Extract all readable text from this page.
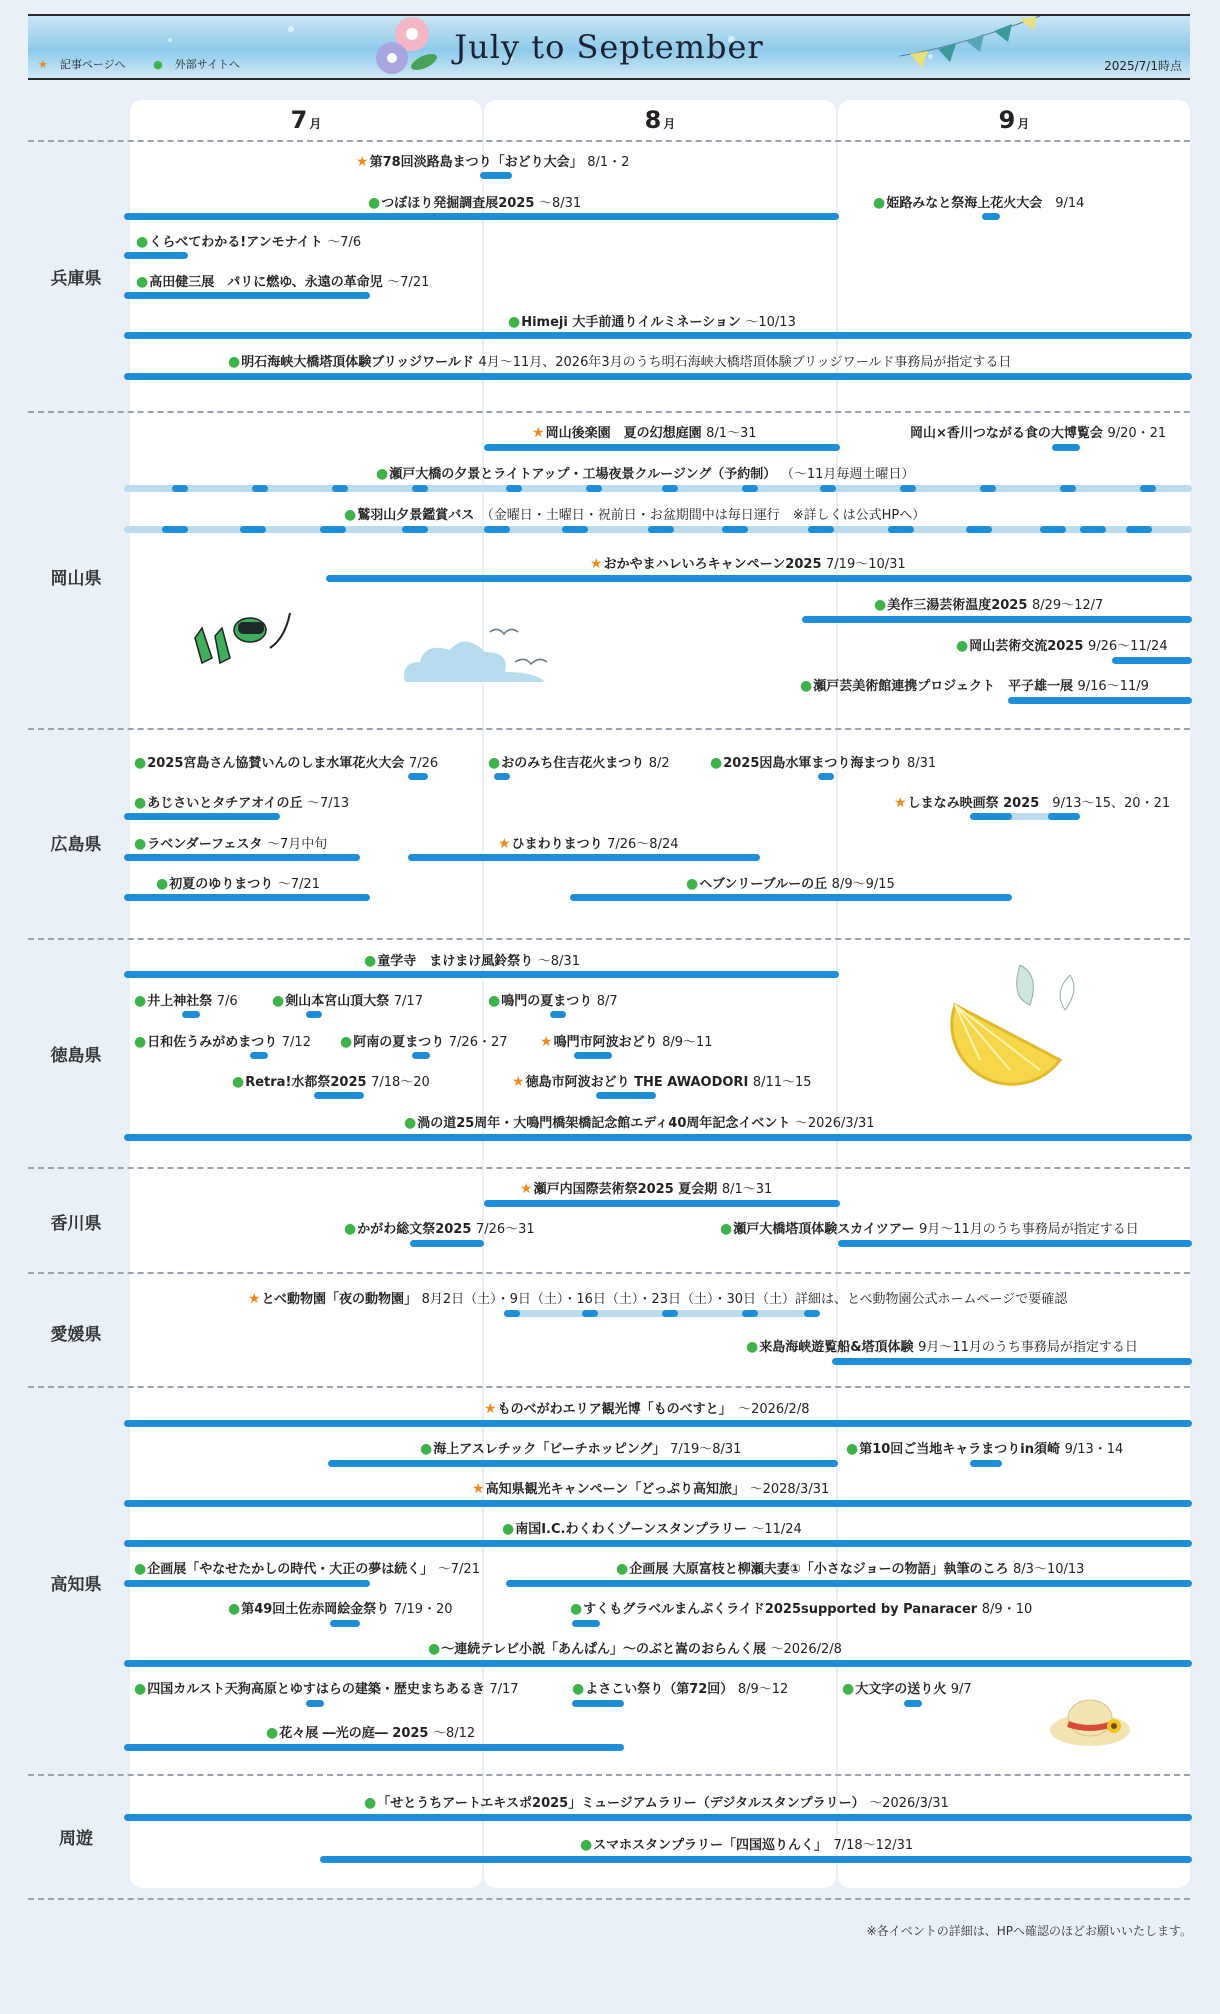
July to September
★ 記事ページへ	● 外部サイトへ	2025/7/1時点
7 月	8 月	9 月
兵庫県
岡山県
広島県
徳島県
香川県
愛媛県
高知県
周遊
★第78回淡路島まつり「おどり大会」 8/1・2
●つぼほり発掘調査展2025 ～8/31	●姫路みなと祭海上花火大会　 9/14
●くらべてわかる!アンモナイト ～7/6
●高田健三展　パリに燃ゆ、永遠の革命児 ～7/21
●Himeji 大手前通りイルミネーション ～10/13
●明石海峡大橋塔頂体験ブリッジワールド 4月～11月、2026年3月のうち明石海峡大橋塔頂体験ブリッジワールド事務局が指定する日
★岡山後楽園　夏の幻想庭園 8/1～31	岡山×香川つながる食の大博覧会 9/20・21
●瀬戸大橋の夕景とライトアップ・工場夜景クルージング（予約制） （～11月毎週土曜日）
●鷲羽山夕景鑑賞バス　 （金曜日・土曜日・祝前日・お盆期間中は毎日運行　※詳しくは公式HPへ）
★おかやまハレいろキャンペーン2025 7/19～10/31
●美作三湯芸術温度2025 8/29～12/7
●岡山芸術交流2025 9/26～11/24
●瀬戸芸美術館連携プロジェクト　平子雄一展 9/16～11/9
●2025宮島さん協賛いんのしま水軍花火大会 7/26	●おのみち住吉花火まつり 8/2	●2025因島水軍まつり海まつり 8/31
●あじさいとタチアオイの丘 ～7/13	★しまなみ映画祭 2025　 9/13～15、20・21
●ラベンダーフェスタ ～7月中旬	★ひまわりまつり 7/26～8/24
●初夏のゆりまつり ～7/21	●ヘブンリーブルーの丘 8/9～9/15
●童学寺　まけまけ風鈴祭り ～8/31
●井上神社祭 7/6 ●剣山本宮山頂大祭 7/17	●鳴門の夏まつり 8/7
●日和佐うみがめまつり 7/12 ●阿南の夏まつり 7/26・27 ★鳴門市阿波おどり 8/9～11
●Retra!水都祭2025 7/18～20	★徳島市阿波おどり THE AWAODORI 8/11～15
●渦の道25周年・大鳴門橋架橋記念館エディ40周年記念イベント ～2026/3/31
★瀬戸内国際芸術祭2025 夏会期 8/1～31
●かがわ総文祭2025 7/26～31	●瀬戸大橋塔頂体験スカイツアー 9月～11月のうち事務局が指定する日
★とべ動物園「夜の動物園」 8月2日（土）・9日（土）・16日（土）・23日（土）・30日（土）詳細は、とべ動物園公式ホームページで要確認
●来島海峡遊覧船&塔頂体験 9月～11月のうち事務局が指定する日
★ものべがわエリア観光博「ものべすと」　 ～2026/2/8
●海上アスレチック「ビーチホッピング」 7/19～8/31	●第10回ご当地キャラまつりin須崎 9/13・14
★高知県観光キャンペーン「どっぷり高知旅」 ～2028/3/31
●南国I.C.わくわくゾーンスタンプラリー ～11/24
●企画展「やなせたかしの時代・大正の夢は続く」 ～7/21	●企画展 大原富枝と柳瀬夫妻①「小さなジョーの物語」執筆のころ 8/3～10/13
●第49回土佐赤岡絵金祭り 7/19・20	●すくもグラベルまんぷくライド2025supported by Panaracer 8/9・10
●～連続テレビ小説「あんぱん」～のぶと嵩のおらんく展 ～2026/2/8
●四国カルスト天狗高原とゆすはらの建築・歴史まちあるき 7/17	●よさこい祭り（第72回） 8/9～12	●大文字の送り火 9/7
●花々展 ―光の庭― 2025 ～8/12
●「せとうちアートエキスポ2025」ミュージアムラリー（デジタルスタンプラリー） ～2026/3/31
●スマホスタンプラリー「四国巡りんく」　 7/18～12/31
※各イベントの詳細は、HPへ確認のほどお願いいたします。
